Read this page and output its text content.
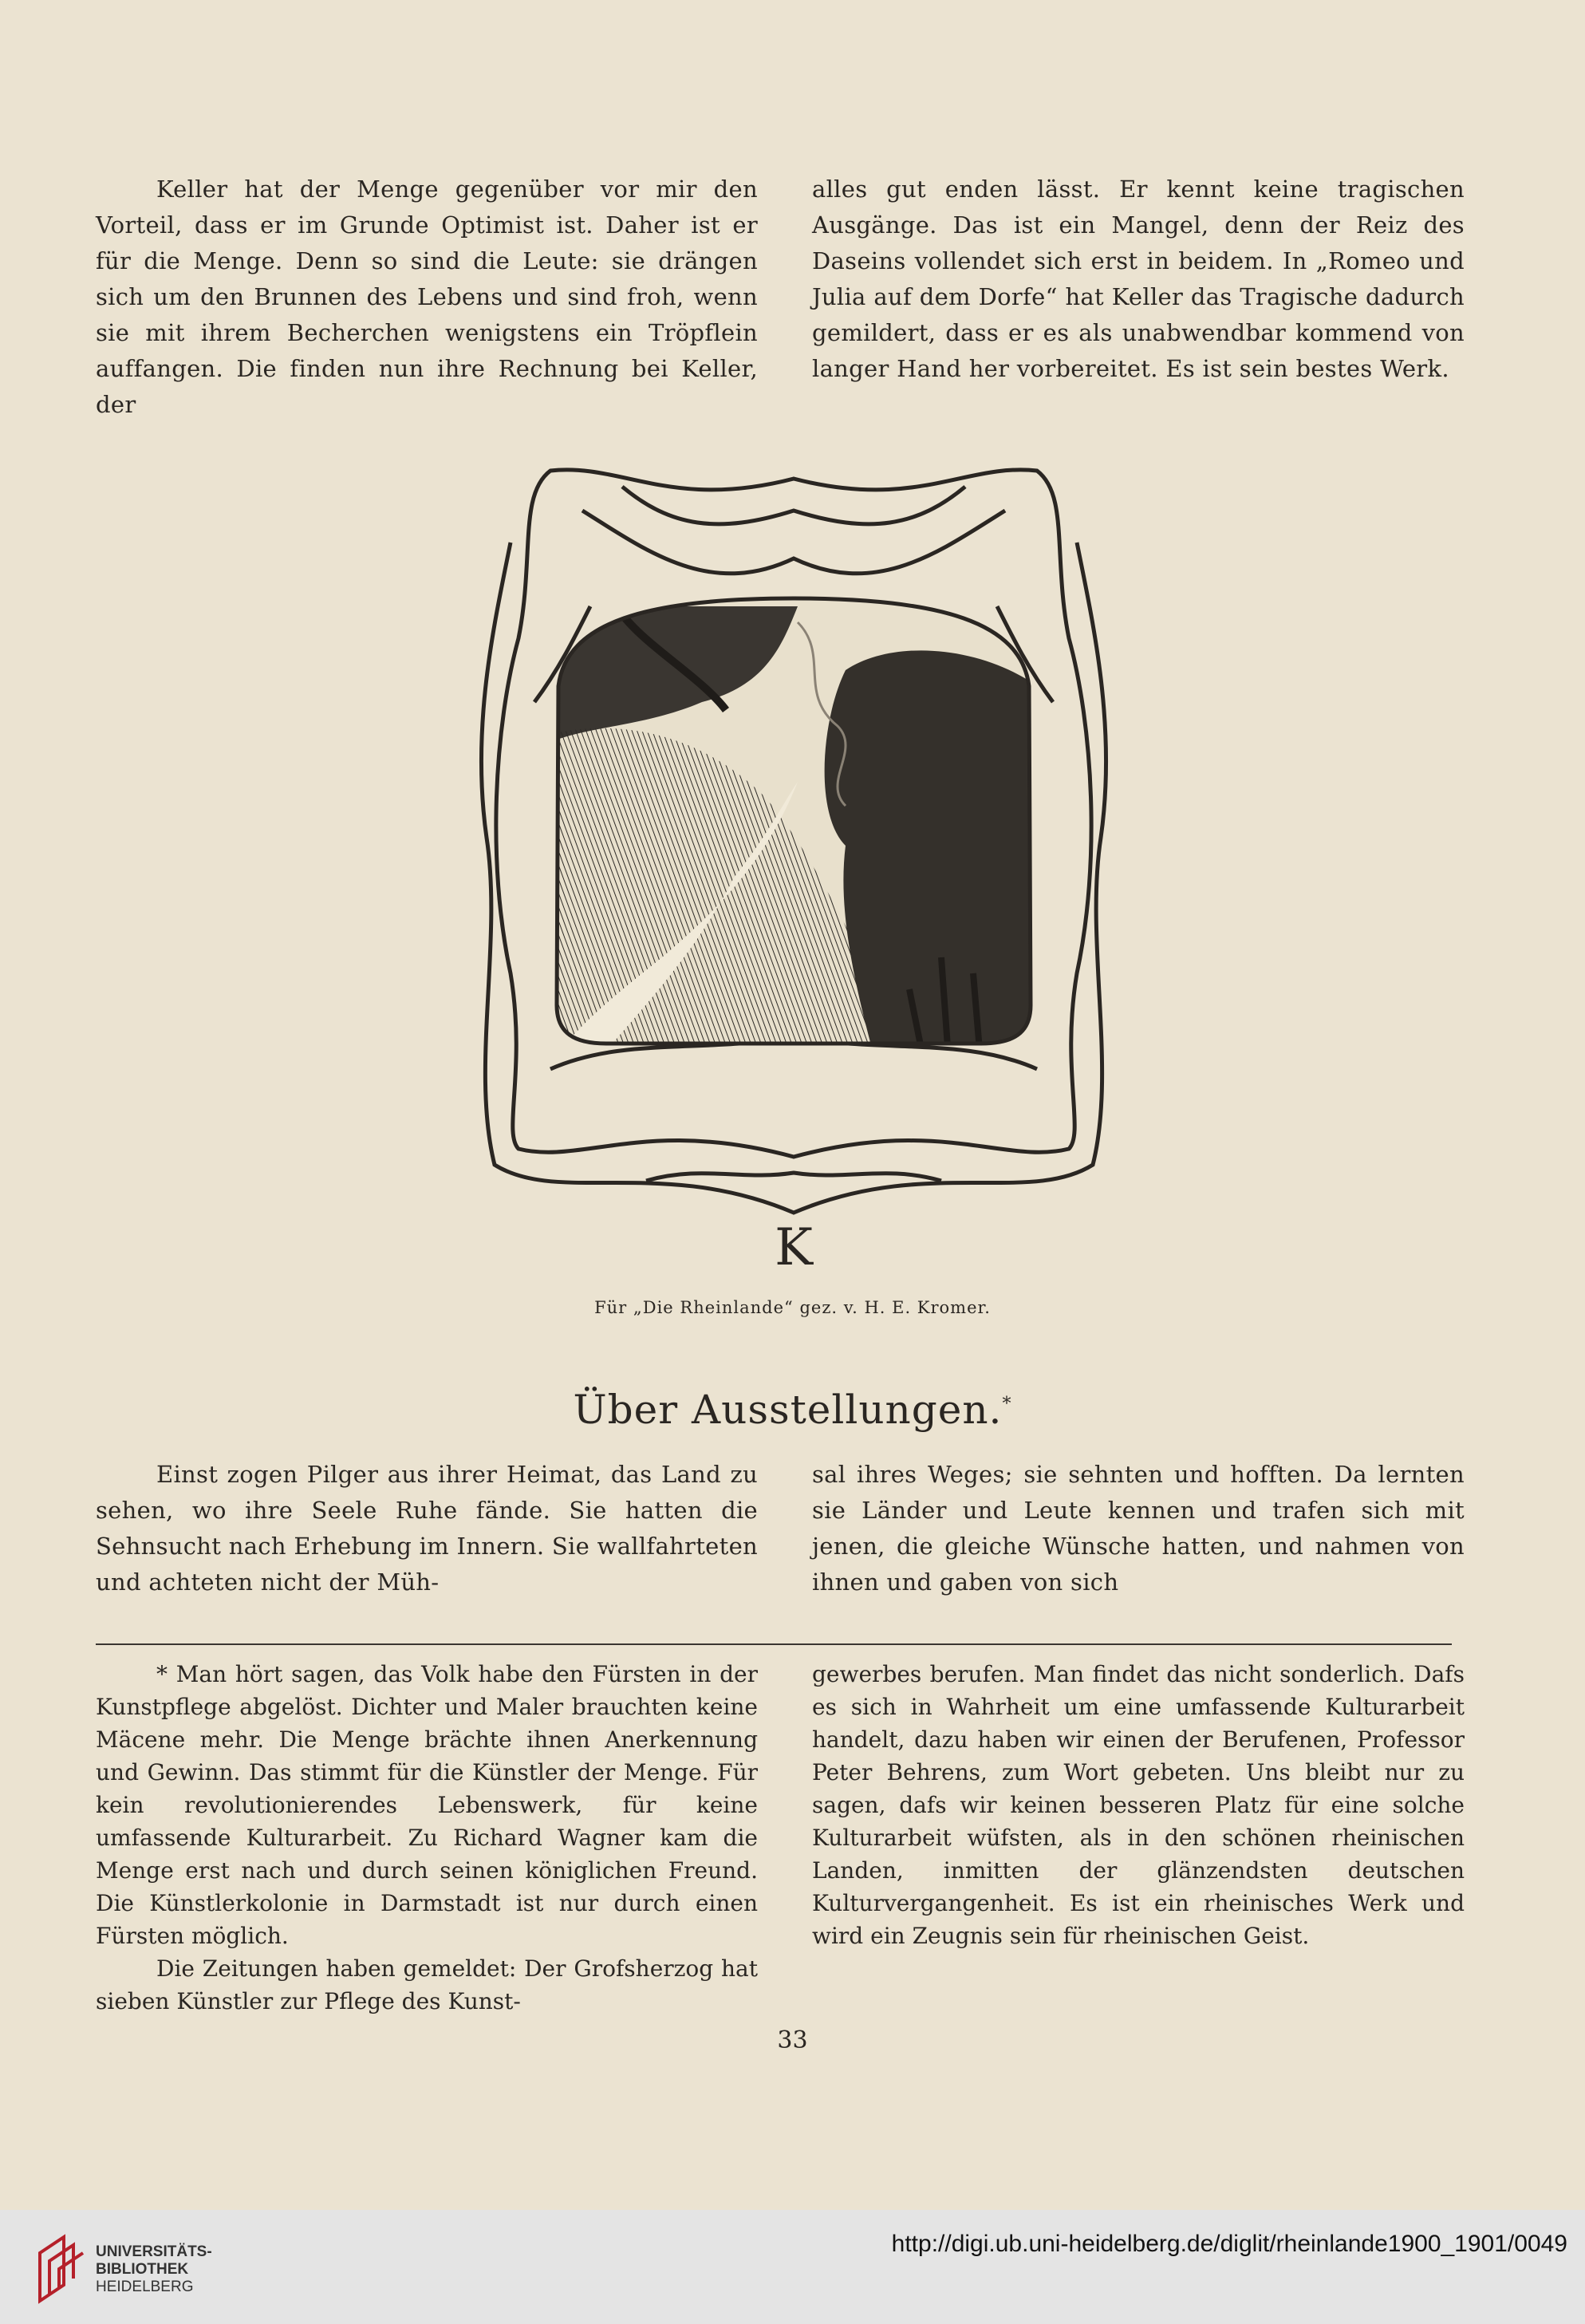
Keller hat der Menge gegenüber vor mir den Vorteil, dass er im Grunde Optimist ist. Daher ist er für die Menge. Denn so sind die Leute: sie drängen sich um den Brunnen des Lebens und sind froh, wenn sie mit ihrem Becherchen wenigstens ein Tröpflein auffangen. Die finden nun ihre Rechnung bei Keller, der

alles gut enden lässt. Er kennt keine tragischen Ausgänge. Das ist ein Mangel, denn der Reiz des Daseins vollendet sich erst in beidem. In „Romeo und Julia auf dem Dorfe“ hat Keller das Tragische dadurch gemildert, dass er es als unabwendbar kommend von langer Hand her vorbereitet. Es ist sein bestes Werk.

K
Für „Die Rheinlande“ gez. v. H. E. Kromer.
Über Ausstellungen.*

Einst zogen Pilger aus ihrer Heimat, das Land zu sehen, wo ihre Seele Ruhe fände. Sie hatten die Sehnsucht nach Erhebung im Innern. Sie wallfahrteten und achteten nicht der Müh-

sal ihres Weges; sie sehnten und hofften. Da lernten sie Länder und Leute kennen und trafen sich mit jenen, die gleiche Wünsche hatten, und nahmen von ihnen und gaben von sich

* Man hört sagen, das Volk habe den Fürsten in der Kunstpflege abgelöst. Dichter und Maler brauchten keine Mäcene mehr. Die Menge brächte ihnen Anerkennung und Gewinn. Das stimmt für die Künstler der Menge. Für kein revolutionierendes Lebenswerk, für keine umfassende Kulturarbeit. Zu Richard Wagner kam die Menge erst nach und durch seinen königlichen Freund. Die Künstlerkolonie in Darmstadt ist nur durch einen Fürsten möglich.

Die Zeitungen haben gemeldet: Der Grofsherzog hat sieben Künstler zur Pflege des Kunst-

gewerbes berufen. Man findet das nicht sonderlich. Dafs es sich in Wahrheit um eine umfassende Kulturarbeit handelt, dazu haben wir einen der Berufenen, Professor Peter Behrens, zum Wort gebeten. Uns bleibt nur zu sagen, dafs wir keinen besseren Platz für eine solche Kulturarbeit wüfsten, als in den schönen rheinischen Landen, inmitten der glänzendsten deutschen Kulturvergangenheit. Es ist ein rheinisches Werk und wird ein Zeugnis sein für rheinischen Geist.

33
UNIVERSITÄTS-
BIBLIOTHEK
HEIDELBERG
http://digi.ub.uni-heidelberg.de/diglit/rheinlande1900_1901/0049
